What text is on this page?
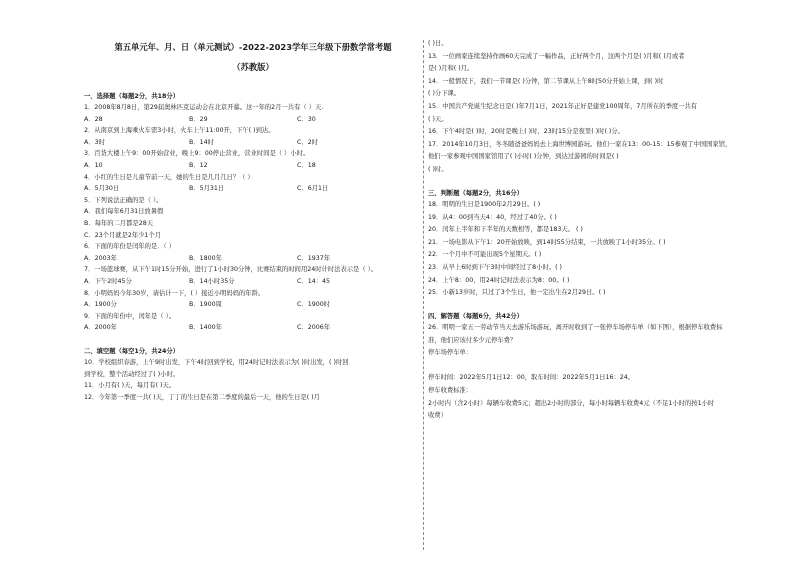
第五单元年、月、日（单元测试）-2022-2023学年三年级下册数学常考题
（苏教版）
一、选择题（每题2分，共18分）
1．2008年8月8日，第29届奥林匹克运动会在北京开幕。这一年的2月一共有（ ）天.
A．28	B．29	C．30
2．从南京到上海乘火车需3小时，火车上午11:00开，下午( )到达。
A．3时	B．14时	C．2时
3．百货大楼上午9：00开始营业，晚上9：00停止营业，营业时间是（ ）小时。
A．10	B．12	C．18
4．小红的生日是儿童节前一天，她的生日是几月几日？（ ）
A．5月30日	B．5月31日	C．6月1日
5．下列说法正确的是（ ）。
A．我们每年6月31日放暑假
B．每年的二月都是28天
C．23个月就是2年少1个月
6．下面的年份是闰年的是．（ ）
A．2003年	B．1800年	C．1937年
7．一场篮球赛，从下午1时15分开始，进行了1小时30分钟，比赛结束的时间用24时计时法表示是（ ）。
A．下午2时45分	B．14小时35分	C．14：45
8．小明妈妈今年30岁，请估计一下，( ）接近小明妈妈的年龄。
A．1900分	B．1900周	C．1900时
9．下面的年份中，闰年是（ ）。
A．2000年	B．1400年	C．2006年
二、填空题（每空1分，共24分）
10．学校组织春游，上午9时出发，下午4时回到学校，用24时记时法表示为( )时出发，( )时回
到学校，整个活动经过了( )小时。
11．小月有( )天，每月有( )天。
12．今年第一季度一共( )天，丁丁的生日是在第二季度的最后一天，他的生日是( )月
( )日。
13．一位画家连续坚持作画60天完成了一幅作品，正好两个月，这两个月是( )月和( )月或者
是( )月和( )月。
14．一般情况下，我们一节课是( )分钟，第二节课从上午8时50分开始上课，到( )时
( )分下课。
15．中国共产党诞生纪念日是( )年7月1日，2021年正好是建党100周年，7月所在的季度一共有
( )天。
16．下午4时是( )时，20时是晚上( )时，23时15分是夜里( )时( )分。
17．2014年10月3日，冬冬随爸爸妈妈去上海世博园游玩。他们一家在13：00-15：15参观了中国国家馆，
他们一家参观中国国家馆用了( )小时( )分钟，到达过游园的时间是( )
( )时。
三、判断题（每题2分，共16分）
18．明明的生日是1900年2月29日。( )
19．从4：00到当天4：40，经过了40分。( )
20．闰年上半年和下半年的天数相等，都是183天。 ( )
21．一场电影从下午1：20开始放映，到14时55分结束，一共放映了1小时35分。( )
22．一个月中不可能出现5个星期天。( )
23．从早上6时到下午3时中间经过了8小时。( )
24．上午8：00，用24时记时法表示为8：00。( )
25．小新13岁时，只过了3个生日，他一定出生在2月29日。( )
四、解答题（每题6分，共42分）
26．明明一家五一劳动节当天去游乐场游玩，离开时收到了一张停车场停车单（如下图），根据停车收费标
准，他们应该付多少元停车费？
停车场停车单：

停车时间：2022年5月1日12：00，取车时间：2022年5月1日16：24。
停车收费标准：
2小时内（含2小时）每辆车收费5元；超出2小时的部分，每小时每辆车收费4元（不足1小时的按1小时
收费）
